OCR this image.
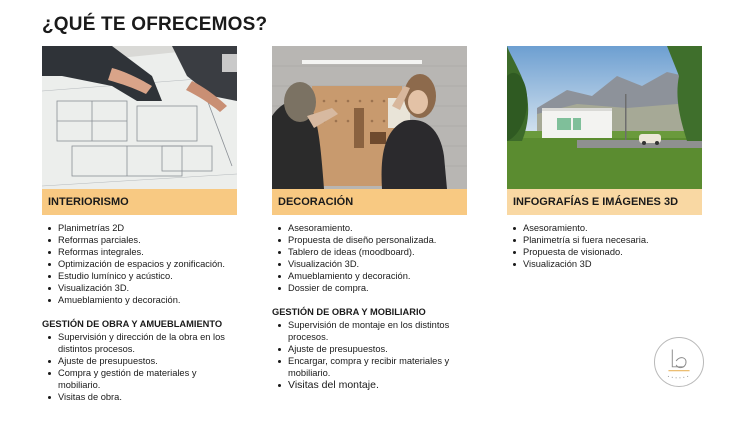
¿QUÉ TE OFRECEMOS?
INTERIORISMO	DECORACIÓN	INFOGRAFÍAS E IMÁGENES 3D
Planimetrías 2D
Reformas parciales.
Reformas integrales.
Optimización de espacios y zonificación.
Estudio lumínico y acústico.
Visualización 3D.
Amueblamiento y decoración.
GESTIÓN DE OBRA Y AMUEBLAMIENTO
Supervisión y dirección de la obra en los distintos procesos.
Ajuste de presupuestos.
Compra y gestión de materiales y mobiliario.
Visitas de obra.
Asesoramiento.
Propuesta de diseño personalizada.
Tablero de ideas (moodboard).
Visualización 3D.
Amueblamiento y decoración.
Dossier de compra.
GESTIÓN DE OBRA Y MOBILIARIO
Supervisión de montaje en los distintos procesos.
Ajuste de presupuestos.
Encargar, compra y recibir materiales y mobiliario.
Visitas del montaje.
Asesoramiento.
Planimetría si fuera necesaria.
Propuesta de visionado.
Visualización 3D
